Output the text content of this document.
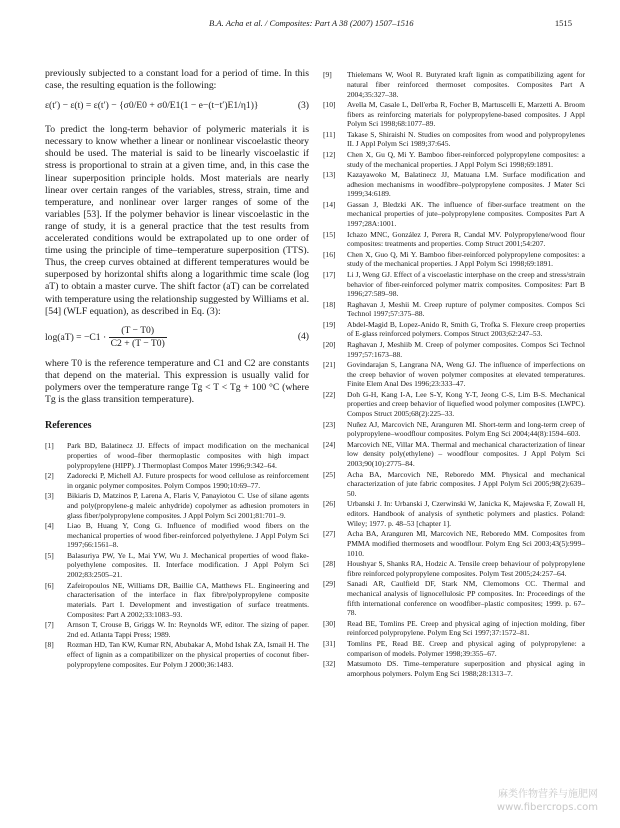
B.A. Acha et al. / Composites: Part A 38 (2007) 1507–1516	1515

previously subjected to a constant load for a period of time. In this case, the resulting equation is the following:

ε(t′) − ε(t) = ε(t′) − {σ0/E0 + σ0/E1(1 − e−(t−t′)E1/η1)}	(3)

To predict the long-term behavior of polymeric materials it is necessary to know whether a linear or nonlinear viscoelastic theory should be used. The material is said to be linearly viscoelastic if stress is proportional to strain at a given time, and, in this case the linear superposition principle holds. Most materials are nearly linear over certain ranges of the variables, stress, strain, time and temperature, and nonlinear over larger ranges of some of the variables [53]. If the polymer behavior is linear viscoelastic in the range of study, it is a general practice that the test results from accelerated conditions would be extrapolated up to one order of time using the principle of time–temperature superposition (TTS). Thus, the creep curves obtained at different temperatures would be superposed by horizontal shifts along a logarithmic time scale (log aT) to obtain a master curve. The shift factor (aT) can be correlated with temperature using the relationship suggested by Williams et al. [54] (WLF equation), as described in Eq. (3):

$\log(aT) = -C1 \cdot \frac{(T - T0)}{C2 + (T - T0)}$	(4)

where T0 is the reference temperature and C1 and C2 are constants that depend on the material. This expression is usually valid for polymers over the temperature range Tg < T < Tg + 100 °C (where Tg is the glass transition temperature).

References
[1] Park BD, Balatinecz JJ. Effects of impact modification on the mechanical properties of wood–fiber thermoplastic composites with high impact polypropylene (HIPP). J Thermoplast Compos Mater 1996;9:342–64.
[2] Zadorecki P, Michell AJ. Future prospects for wood cellulose as reinforcement in organic polymer composites. Polym Compos 1990;10:69–77.
[3] Bikiaris D, Matzinos P, Larena A, Flaris V, Panayiotou C. Use of silane agents and poly(propylene-g maleic anhydride) copolymer as adhesion promoters in glass fiber/polypropylene composites. J Appl Polym Sci 2001;81:701–9.
[4] Liao B, Huang Y, Cong G. Influence of modified wood fibers on the mechanical properties of wood fiber-reinforced polyethylene. J Appl Polym Sci 1997;66:1561–8.
[5] Balasuriya PW, Ye L, Mai YW, Wu J. Mechanical properties of wood flake-polyethylene composites. II. Interface modification. J Appl Polym Sci 2002;83:2505–21.
[6] Zafeiropoulos NE, Williams DR, Baillie CA, Matthews FL. Engineering and characterisation of the interface in flax fibre/polypropylene composite materials. Part I. Development and investigation of surface treatments. Composites: Part A 2002;33:1083–93.
[7] Arnson T, Crouse B, Griggs W. In: Reynolds WF, editor. The sizing of paper. 2nd ed. Atlanta Tappi Press; 1989.
[8] Rozman HD, Tan KW, Kumar RN, Abubakar A, Mohd Ishak ZA, Ismail H. The effect of lignin as a compatibilizer on the physical properties of coconut fiber-polypropylene composites. Eur Polym J 2000;36:1483.
[9] Thielemans W, Wool R. Butyrated kraft lignin as compatibilizing agent for natural fiber reinforced thermoset composites. Composites Part A 2004;35:327–38.
[10] Avella M, Casale L, Dell'erba R, Focher B, Martuscelli E, Marzetti A. Broom fibers as reinforcing materials for polypropylene-based composites. J Appl Polym Sci 1998;68:1077–89.
[11] Takase S, Shiraishi N. Studies on composites from wood and polypropylenes II. J Appl Polym Sci 1989;37:645.
[12] Chen X, Gu Q, Mi Y. Bamboo fiber-reinforced polypropylene composites: a study of the mechanical properties. J Appl Polym Sci 1998;69:1891.
[13] Kazayawoko M, Balatinecz JJ, Matuana LM. Surface modification and adhesion mechanisms in woodfibre–polypropylene composites. J Mater Sci 1999;34:6189.
[14] Gassan J, Bledzki AK. The influence of fiber-surface treatment on the mechanical properties of jute–polypropylene composites. Composites Part A 1997;28A:1001.
[15] Ichazo MNC, González J, Perera R, Candal MV. Polypropylene/wood flour composites: treatments and properties. Comp Struct 2001;54:207.
[16] Chen X, Guo Q, Mi Y. Bamboo fiber-reinforced polypropylene composites: a study of the mechanical properties. J Appl Polym Sci 1998;69:1891.
[17] Li J, Weng GJ. Effect of a viscoelastic interphase on the creep and stress/strain behavior of fiber-reinforced polymer matrix composites. Composites: Part B 1996;27:589–98.
[18] Raghavan J, Meshii M. Creep rupture of polymer composites. Compos Sci Technol 1997;57:375–88.
[19] Abdel-Magid B, Lopez-Anido R, Smith G, Trofka S. Flexure creep properties of E-glass reinforced polymers. Compos Struct 2003;62:247–53.
[20] Raghavan J, Meshiib M. Creep of polymer composites. Compos Sci Technol 1997;57:1673–88.
[21] Govindarajan S, Langrana NA, Weng GJ. The influence of imperfections on the creep behavior of woven polymer composites at elevated temperatures. Finite Elem Anal Des 1996;23:333–47.
[22] Doh G-H, Kang I-A, Lee S-Y, Kong Y-T, Jeong C-S, Lim B-S. Mechanical properties and creep behavior of liquefied wood polymer composites (LWPC). Compos Struct 2005;68(2):225–33.
[23] Nuñez AJ, Marcovich NE, Aranguren MI. Short-term and long-term creep of polypropylene–woodflour composites. Polym Eng Sci 2004;44(8):1594–603.
[24] Marcovich NE, Villar MA. Thermal and mechanical characterization of linear low density poly(ethylene) – woodflour composites. J Appl Polym Sci 2003;90(10):2775–84.
[25] Acha BA, Marcovich NE, Reboredo MM. Physical and mechanical characterization of jute fabric composites. J Appl Polym Sci 2005;98(2):639–50.
[26] Urbanski J. In: Urbanski J, Czerwinski W, Janicka K, Majewska F, Zowall H, editors. Handbook of analysis of synthetic polymers and plastics. Poland: Wiley; 1977. p. 48–53 [chapter 1].
[27] Acha BA, Aranguren MI, Marcovich NE, Reboredo MM. Composites from PMMA modified thermosets and woodflour. Polym Eng Sci 2003;43(5):999–1010.
[28] Houshyar S, Shanks RA, Hodzic A. Tensile creep behaviour of polypropylene fibre reinforced polypropylene composites. Polym Test 2005;24:257–64.
[29] Sanadi AR, Caulfield DF, Stark NM, Clemomons CC. Thermal and mechanical analysis of lignocellulosic PP composites. In: Proceedings of the fifth international conference on woodfiber–plastic composites; 1999. p. 67–78.
[30] Read BE, Tomlins PE. Creep and physical aging of injection molding, fiber reinforced polypropylene. Polym Eng Sci 1997;37:1572–81.
[31] Tomlins PE, Read BE. Creep and physical aging of polypropylene: a comparison of models. Polymer 1998;39:355–67.
[32] Matsumoto DS. Time–temperature superposition and physical aging in amorphous polymers. Polym Eng Sci 1988;28:1313–7.
麻类作物营养与施肥网
www.fibercrops.com
